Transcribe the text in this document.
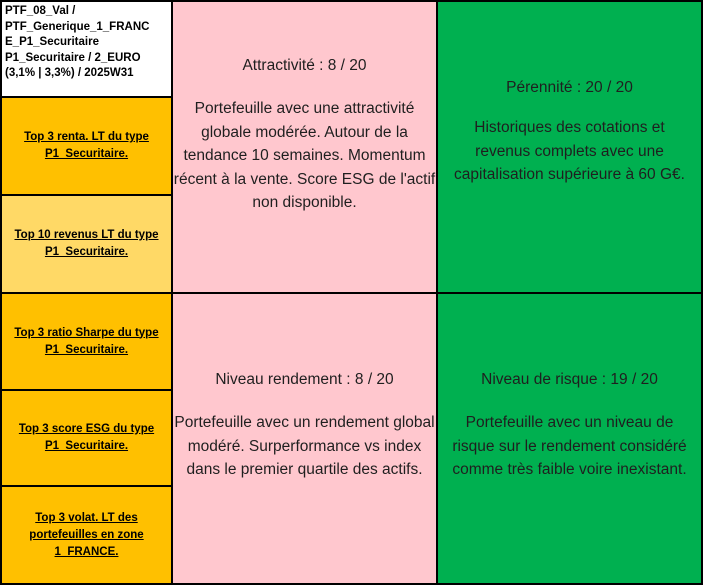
PTF_08_Val /
PTF_Generique_1_FRANC
E_P1_Securitaire
P1_Securitaire / 2_EURO
(3,1% | 3,3%) / 2025W31
Top 3 renta. LT du type P1_Securitaire.
Top 10 revenus LT du type P1_Securitaire.
Top 3 ratio Sharpe du type P1_Securitaire.
Top 3 score ESG du type P1_Securitaire.
Top 3 volat. LT des portefeuilles en zone 1_FRANCE.
Attractivité : 8 / 20
Portefeuille avec une attractivité globale modérée. Autour de la tendance 10 semaines. Momentum récent à la vente. Score ESG de l'actif non disponible.
Pérennité : 20 / 20
Historiques des cotations et revenus complets avec une capitalisation supérieure à 60 G€.
Niveau rendement : 8 / 20
Portefeuille avec un rendement global modéré. Surperformance vs index dans le premier quartile des actifs.
Niveau de risque : 19 / 20
Portefeuille avec un niveau de risque sur le rendement considéré comme très faible voire inexistant.
